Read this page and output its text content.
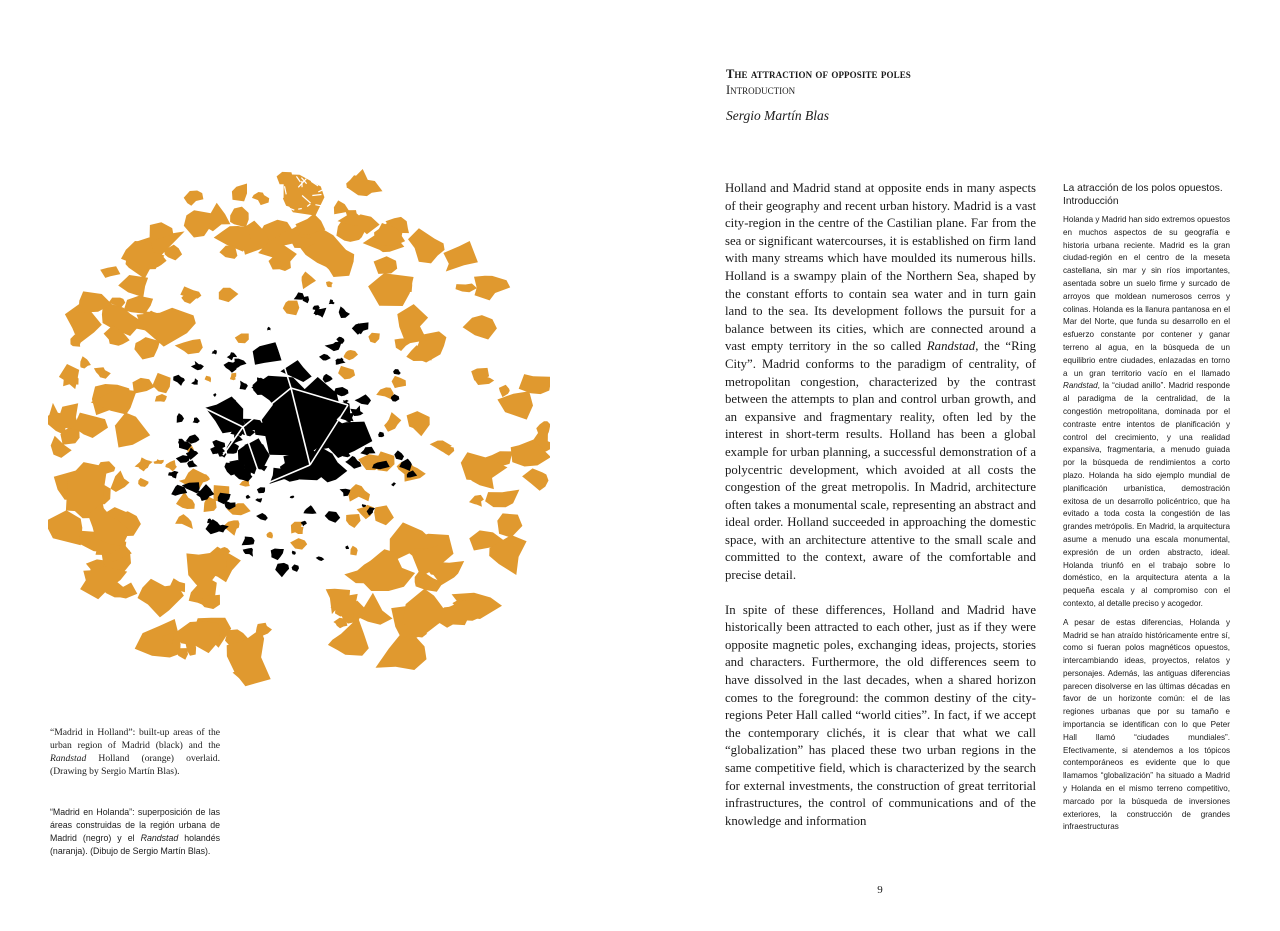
“Madrid in Holland”: built-up areas of the urban region of Madrid (black) and the Randstad Holland (orange) overlaid. (Drawing by Sergio Martín Blas).

“Madrid en Holanda”: superposición de las áreas construidas de la región urbana de Madrid (negro) y el Randstad holandés (naranja). (Dibujo de Sergio Martín Blas).

The attraction of opposite poles
Introduction
Sergio Martín Blas

Holland and Madrid stand at opposite ends in many aspects of their geography and recent urban history. Madrid is a vast city-region in the centre of the Castilian plane. Far from the sea or significant watercourses, it is established on firm land with many streams which have moulded its numerous hills. Holland is a swampy plain of the Northern Sea, shaped by the constant efforts to contain sea water and in turn gain land to the sea. Its development follows the pursuit for a balance between its cities, which are connected around a vast empty territory in the so called Randstad, the “Ring City”. Madrid conforms to the paradigm of centrality, of metropolitan congestion, characterized by the contrast between the attempts to plan and control urban growth, and an expansive and fragmentary reality, often led by the interest in short-term results. Holland has been a global example for urban planning, a successful demonstration of a polycentric development, which avoided at all costs the congestion of the great metropolis. In Madrid, architecture often takes a monumental scale, representing an abstract and ideal order. Holland succeeded in approaching the domestic space, with an architecture attentive to the small scale and committed to the context, aware of the comfortable and precise detail.

In spite of these differences, Holland and Madrid have historically been attracted to each other, just as if they were opposite magnetic poles, exchanging ideas, projects, stories and characters. Furthermore, the old differences seem to have dissolved in the last decades, when a shared horizon comes to the foreground: the common destiny of the city-regions Peter Hall called “world cities”. In fact, if we accept the contemporary clichés, it is clear that what we call “globalization” has placed these two urban regions in the same competitive field, which is characterized by the search for external investments, the construction of great territorial infrastructures, the control of communications and of the knowledge and information

La atracción de los polos opuestos. Introducción

Holanda y Madrid han sido extremos opuestos en muchos aspectos de su geografía e historia urbana reciente. Madrid es la gran ciudad-región en el centro de la meseta castellana, sin mar y sin ríos importantes, asentada sobre un suelo firme y surcado de arroyos que moldean numerosos cerros y colinas. Holanda es la llanura pantanosa en el Mar del Norte, que funda su desarrollo en el esfuerzo constante por contener y ganar terreno al agua, en la búsqueda de un equilibrio entre ciudades, enlazadas en torno a un gran territorio vacío en el llamado Randstad, la “ciudad anillo”. Madrid responde al paradigma de la centralidad, de la congestión metropolitana, dominada por el contraste entre intentos de planificación y control del crecimiento, y una realidad expansiva, fragmentaria, a menudo guiada por la búsqueda de rendimientos a corto plazo. Holanda ha sido ejemplo mundial de planificación urbanística, demostración exitosa de un desarrollo policéntrico, que ha evitado a toda costa la congestión de las grandes metrópolis. En Madrid, la arquitectura asume a menudo una escala monumental, expresión de un orden abstracto, ideal. Holanda triunfó en el trabajo sobre lo doméstico, en la arquitectura atenta a la pequeña escala y al compromiso con el contexto, al detalle preciso y acogedor.

A pesar de estas diferencias, Holanda y Madrid se han atraído históricamente entre sí, como si fueran polos magnéticos opuestos, intercambiando ideas, proyectos, relatos y personajes. Además, las antiguas diferencias parecen disolverse en las últimas décadas en favor de un horizonte común: el de las regiones urbanas que por su tamaño e importancia se identifican con lo que Peter Hall llamó “ciudades mundiales”. Efectivamente, si atendemos a los tópicos contemporáneos es evidente que lo que llamamos “globalización” ha situado a Madrid y Holanda en el mismo terreno competitivo, marcado por la búsqueda de inversiones exteriores, la construcción de grandes infraestructuras

9
